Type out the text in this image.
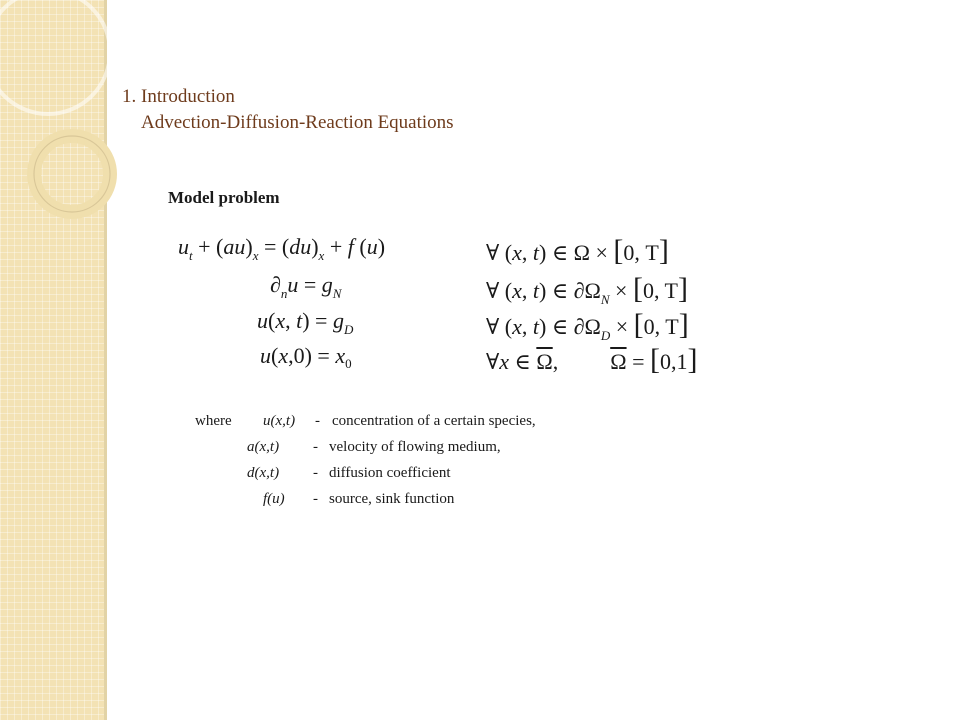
1. Introduction
Advection-Diffusion-Reaction Equations
Model problem
$u_t + (au)_x = (du)_x + f$ (u)	∀ (x, t) ∈ Ω × [0, T]
$\partial_nu = g_N$	∀ (x, t) ∈ $\partial\Omega_N \times [0$, T]
u(x, $t) = g_D$	∀ (x, t) ∈ $\partial\Omega_D \times [0$, T]
$u(x,0) = x_0$	∀x ∈ $\overline{\Omega}$, $\overline{\Omega} = [0,1]$
where u(x,t) - concentration of a certain species,
a(x,t) - velocity of flowing medium,
d(x,t) - diffusion coefficient
f(u) - source, sink function
